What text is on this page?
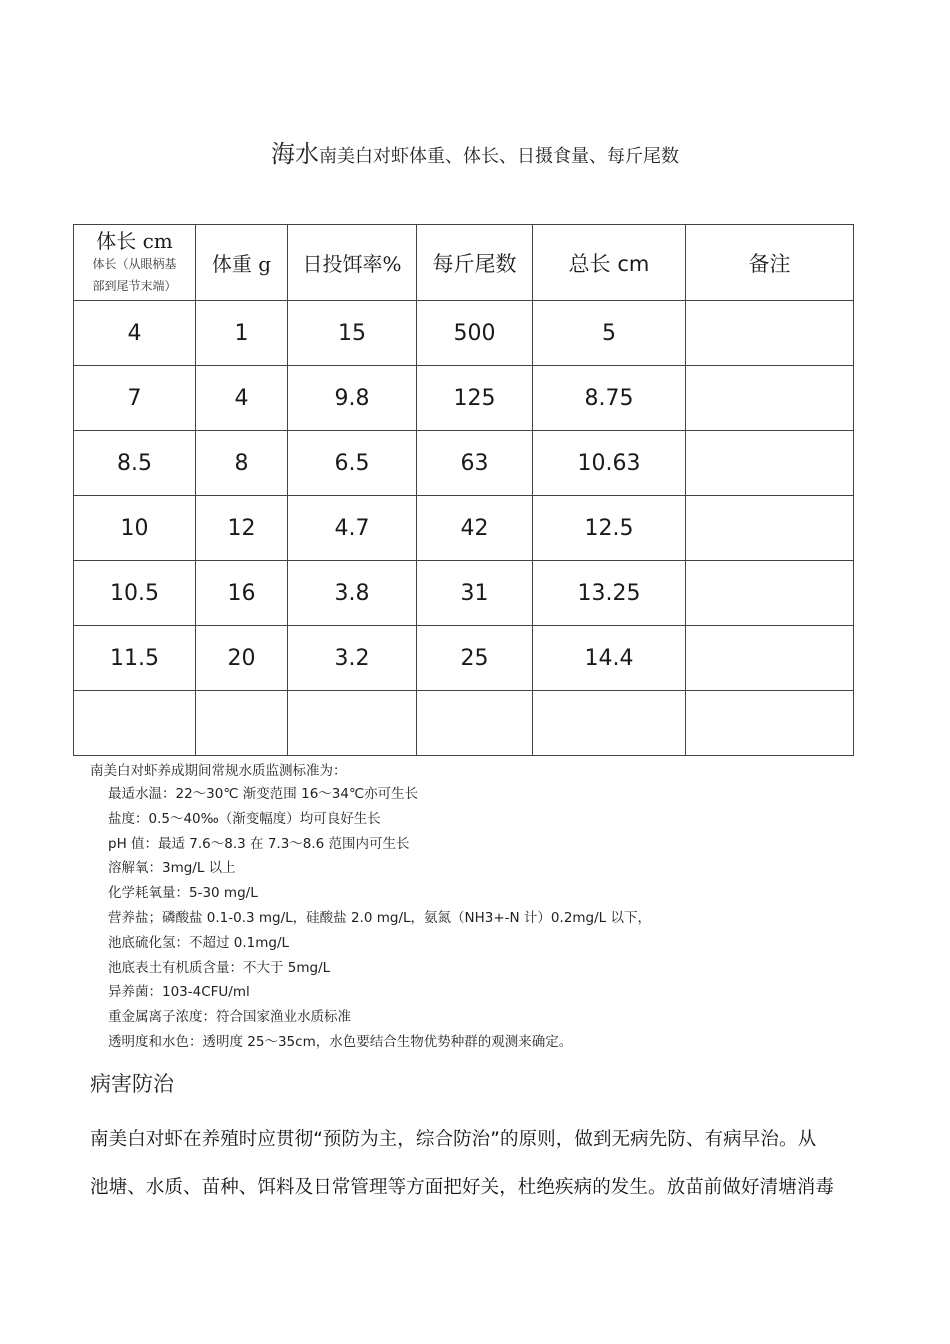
海水南美白对虾体重、体长、日摄食量、每斤尾数
体长 cm
体长（从眼柄基
部到尾节末端）	体重 g	日投饵率%	每斤尾数	总长 cm	备注
4	1	15	500	5	
7	4	9.8	125	8.75	
8.5	8	6.5	63	10.63	
10	12	4.7	42	12.5	
10.5	16	3.8	31	13.25	
11.5	20	3.2	25	14.4	

南美白对虾养成期间常规水质监测标准为：
最适水温：22～30℃ 渐变范围 16～34℃亦可生长
盐度：0.5～40‰（渐变幅度）均可良好生长
pH 值：最适 7.6～8.3 在 7.3～8.6 范围内可生长
溶解氧：3mg/L 以上
化学耗氧量：5-30 mg/L
营养盐；磷酸盐 0.1-0.3 mg/L，硅酸盐 2.0 mg/L，氨氮（NH3+-N 计）0.2mg/L 以下，
池底硫化氢：不超过 0.1mg/L
池底表土有机质含量：不大于 5mg/L
异养菌：103-4CFU/ml
重金属离子浓度：符合国家渔业水质标准
透明度和水色：透明度 25～35cm，水色要结合生物优势种群的观测来确定。
病害防治
南美白对虾在养殖时应贯彻“预防为主，综合防治”的原则，做到无病先防、有病早治。从
池塘、水质、苗种、饵料及日常管理等方面把好关，杜绝疾病的发生。放苗前做好清塘消毒
